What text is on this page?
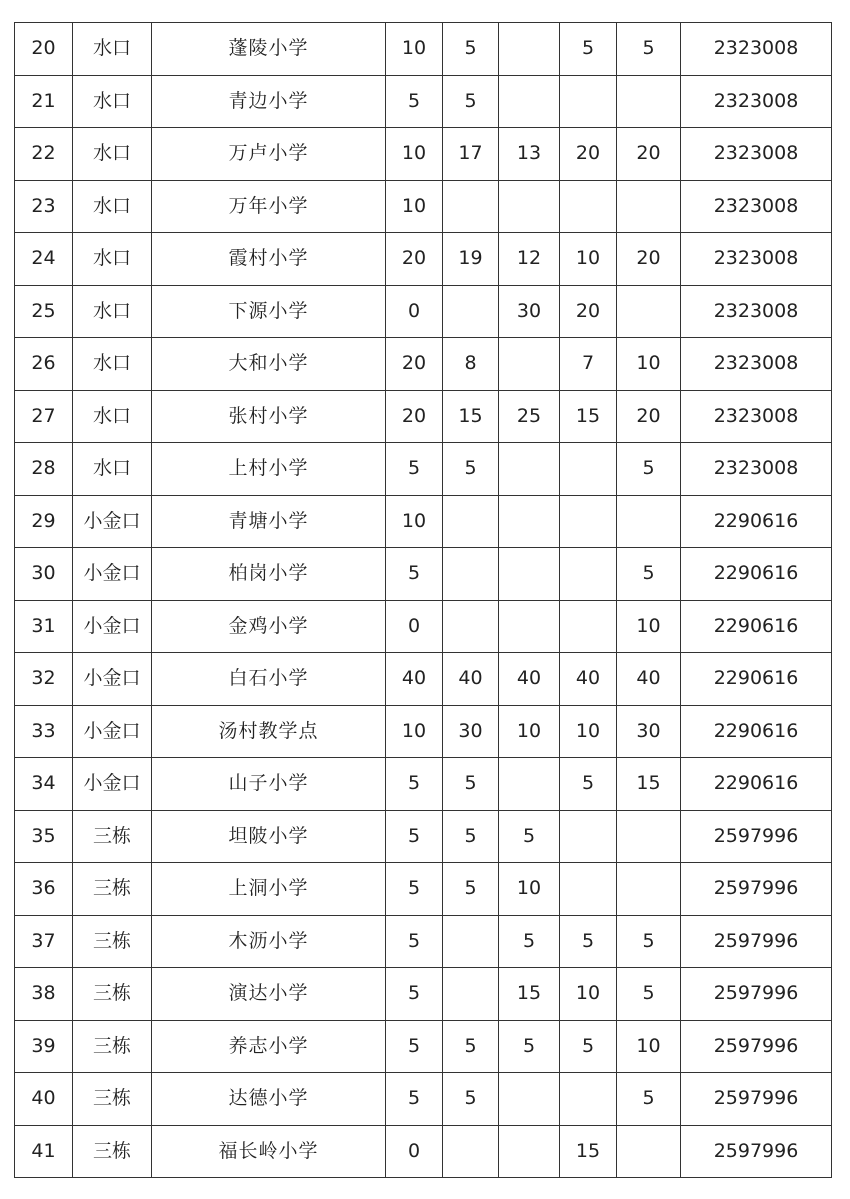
20	水口	蓬陵小学	10	5		5	5	2323008
21	水口	青边小学	5	5				2323008
22	水口	万卢小学	10	17	13	20	20	2323008
23	水口	万年小学	10					2323008
24	水口	霞村小学	20	19	12	10	20	2323008
25	水口	下源小学	0		30	20		2323008
26	水口	大和小学	20	8		7	10	2323008
27	水口	张村小学	20	15	25	15	20	2323008
28	水口	上村小学	5	5			5	2323008
29	小金口	青塘小学	10					2290616
30	小金口	柏岗小学	5				5	2290616
31	小金口	金鸡小学	0				10	2290616
32	小金口	白石小学	40	40	40	40	40	2290616
33	小金口	汤村教学点	10	30	10	10	30	2290616
34	小金口	山子小学	5	5		5	15	2290616
35	三栋	坦陂小学	5	5	5			2597996
36	三栋	上洞小学	5	5	10			2597996
37	三栋	木沥小学	5		5	5	5	2597996
38	三栋	演达小学	5		15	10	5	2597996
39	三栋	养志小学	5	5	5	5	10	2597996
40	三栋	达德小学	5	5			5	2597996
41	三栋	福长岭小学	0			15		2597996
